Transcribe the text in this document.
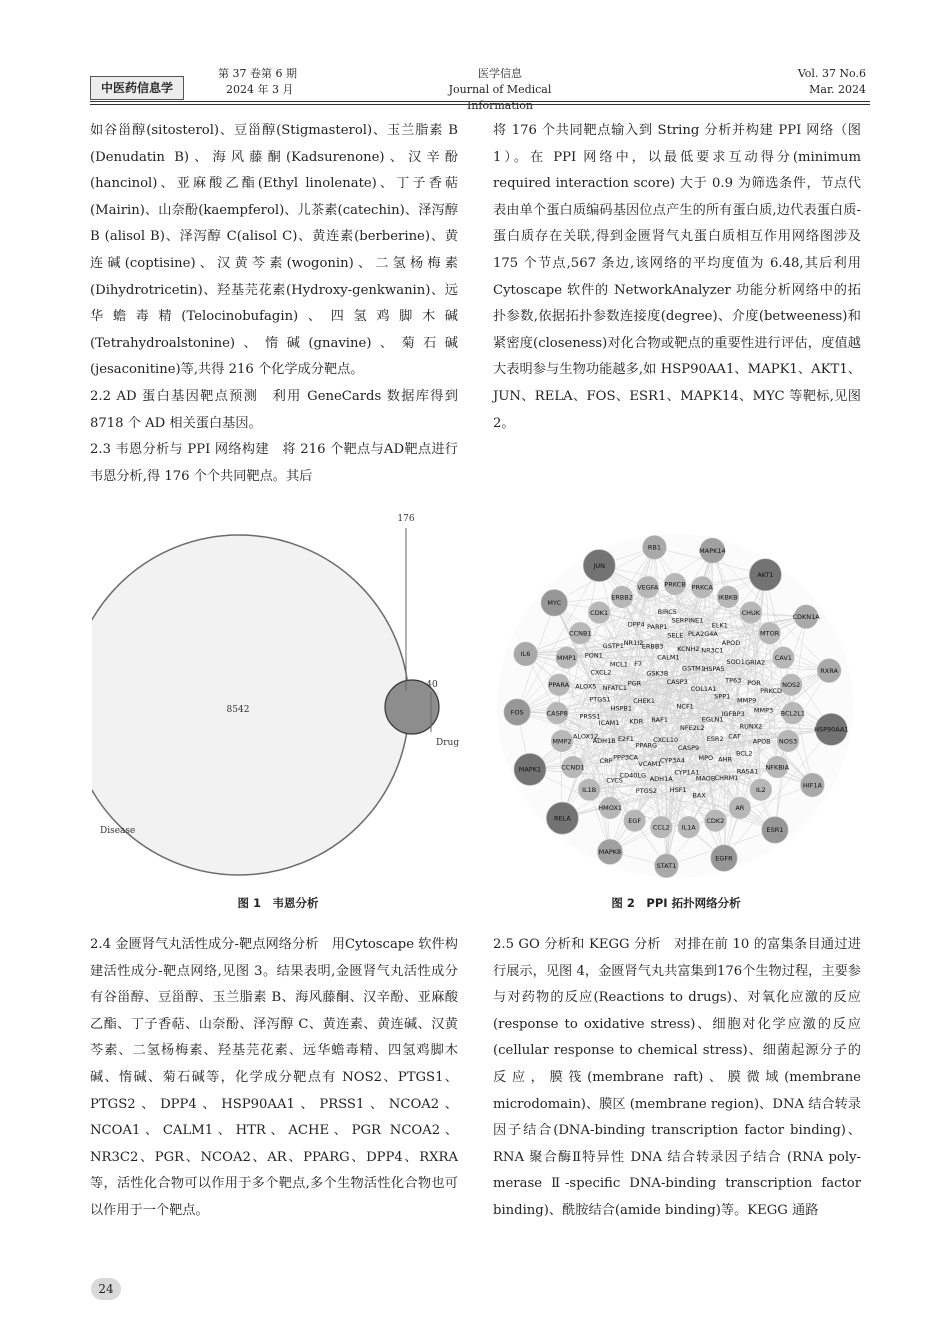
中医药信息学
第 37 卷第 6 期
2024 年 3 月
医学信息
Journal of Medical Information
Vol. 37 No.6
Mar. 2024

如谷甾醇(sitosterol)、豆甾醇(Stigmasterol)、玉兰脂素 B (Denudatin B)、海风藤酮(Kadsurenone)、汉辛酚(hancinol)、亚麻酸乙酯(Ethyl linolenate)、丁子香萜(Mairin)、山奈酚(kaempferol)、儿茶素(catechin)、泽泻醇 B (alisol B)、泽泻醇 C(alisol C)、黄连素(berberine)、黄连碱(coptisine)、汉黄芩素(wogonin)、二氢杨梅素(Dihydrotricetin)、羟基芫花素(Hydroxy-genkwanin)、远华蟾毒精(Telocinobufagin)、四氢鸡脚木碱(Tetrahydroalstonine)、惰碱(gnavine)、菊石碱(jesaconitine)等,共得 216 个化学成分靶点。

2.2 AD 蛋白基因靶点预测　利用 GeneCards 数据库得到 8718 个 AD 相关蛋白基因。

2.3 韦恩分析与 PPI 网络构建　将 216 个靶点与AD靶点进行韦恩分析,得 176 个个共同靶点。其后

将 176 个共同靶点输入到 String 分析并构建 PPI 网络（图 1）。在 PPI 网络中，以最低要求互动得分(minimum required interaction score) 大于 0.9 为筛选条件，节点代表由单个蛋白质编码基因位点产生的所有蛋白质,边代表蛋白质-蛋白质存在关联,得到金匮肾气丸蛋白质相互作用网络图涉及 175 个节点,567 条边,该网络的平均度值为 6.48,其后利用Cytoscape 软件的 NetworkAnalyzer 功能分析网络中的拓扑参数,依据拓扑参数连接度(degree)、介度(betweeness)和紧密度(closeness)对化合物或靶点的重要性进行评估，度值越大表明参与生物功能越多,如 HSP90AA1、MAPK1、AKT1、JUN、RELA、FOS、ESR1、MAPK14、MYC 等靶标,见图 2。

176
8542
40
Disease
Drug
图 1　韦恩分析
JUN
RB1	MAPK14
AKT1
CDKN1A
RXRA
HSP90AA1
HIF1A
ESR1
EGFR
STAT1
MAPK8
RELA
MAPK1
FOS
IL6
MYC
PRKCB PRKCA
IKBKB
CHUK
MTOR
CAV1
NOS2
BCL2L1
NOS3
NFKBIA
IL2
AR
CDK2
IL1A
CCL2
EGF
HMOX1
IL1B
CCND1
MMP2
CASP8
PPARA
MMP1
CCNB1
CDK1
ERBB2
VEGFA
NCF1
RAF1
CASP3
NFE2L2
CHEK1
COL1A1
CXCL10
GSK3B
EGLN1
KDR
GSTM1
CASP9
PGR
SPP1
PPARG
CALM1
ESR2
HSPB1
HSPA5
CYP3A4
F7
IGFBP3
E2F1
KCNH2
MPO
NFATC1
TP63
VCAM1
ERBB3
CAT
ICAM1
NR3C1
CYP1A1
MCL1
MMP9
PPP3CA
SELE
AHR
PTGS1
SOD1
ADH1A
NR1I2
RUNX2
ADH1B
PLA2G4A
MAOB
CXCL2
POR
CD40LG
PARP1
BCL2
PRSS1
APOD
HSF1
GSTP1
MMP3
CRP
SERPINE1
CHRM1
ALOX5
GRIA2
PTGS2
DPP4
APOB
ALOX12
ELK1
BAX
PON1
PRKCD
CYCS
BIRC5
RASA1
图 2　PPI 拓扑网络分析

2.4 金匮肾气丸活性成分-靶点网络分析　用Cytoscape 软件构建活性成分-靶点网络,见图 3。结果表明,金匮肾气丸活性成分有谷甾醇、豆甾醇、玉兰脂素 B、海风藤酮、汉辛酚、亚麻酸乙酯、丁子香萜、山奈酚、泽泻醇 C、黄连素、黄连碱、汉黄芩素、二氢杨梅素、羟基芫花素、远华蟾毒精、四氢鸡脚木碱、惰碱、菊石碱等，化学成分靶点有 NOS2、PTGS1、PTGS2、DPP4、HSP90AA1、PRSS1、NCOA2、NCOA1、CALM1、HTR、ACHE、PGR NCOA2、NR3C2、PGR、NCOA2、AR、PPARG、DPP4、RXRA 等，活性化合物可以作用于多个靶点,多个生物活性化合物也可以作用于一个靶点。

2.5 GO 分析和 KEGG 分析　对排在前 10 的富集条目通过进行展示，见图 4，金匮肾气丸共富集到176个生物过程，主要参与对药物的反应(Reactions to drugs)、对氧化应激的反应(response to oxidative stress)、细胞对化学应激的反应(cellular response to chemical stress)、细菌起源分子的反应，膜筏(membrane raft)、膜微域(membrane microdomain)、膜区 (membrane region)、DNA 结合转录因子结合(DNA-binding transcription factor binding)、RNA 聚合酶Ⅱ特异性 DNA 结合转录因子结合 (RNA poly-merase Ⅱ-specific DNA-binding transcription factor binding)、酰胺结合(amide binding)等。KEGG 通路

24
